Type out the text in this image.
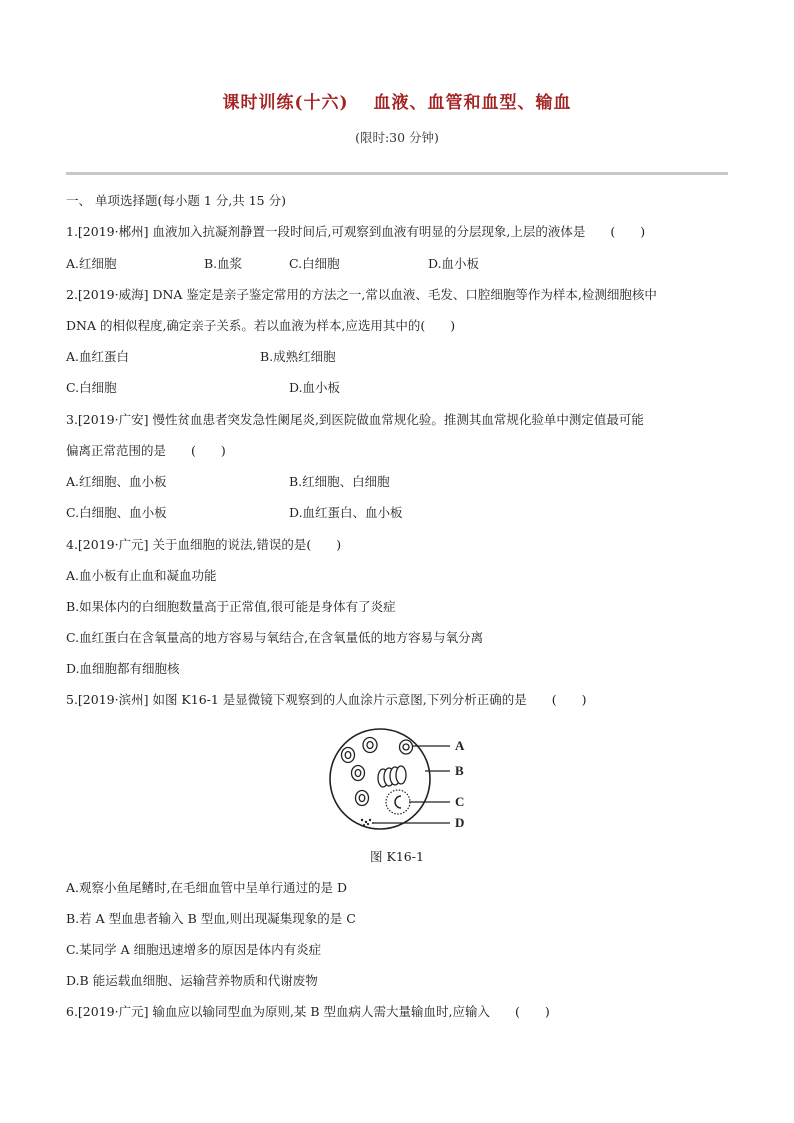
课时训练(十六)　 血液、血管和血型、输血
(限时:30 分钟)
一、 单项选择题(每小题 1 分,共 15 分)
1.[2019·郴州] 血液加入抗凝剂静置一段时间后,可观察到血液有明显的分层现象,上层的液体是　　(　　)
A.红细胞	B.血浆	C.白细胞	D.血小板
2.[2019·威海] DNA 鉴定是亲子鉴定常用的方法之一,常以血液、毛发、口腔细胞等作为样本,检测细胞核中
DNA 的相似程度,确定亲子关系。若以血液为样本,应选用其中的(　　)
A.血红蛋白	B.成熟红细胞
C.白细胞	D.血小板
3.[2019·广安] 慢性贫血患者突发急性阑尾炎,到医院做血常规化验。推测其血常规化验单中测定值最可能
偏离正常范围的是　　(　　)
A.红细胞、血小板	B.红细胞、白细胞
C.白细胞、血小板	D.血红蛋白、血小板
4.[2019·广元] 关于血细胞的说法,错误的是(　　)
A.血小板有止血和凝血功能
B.如果体内的白细胞数量高于正常值,很可能是身体有了炎症
C.血红蛋白在含氧量高的地方容易与氧结合,在含氧量低的地方容易与氧分离
D.血细胞都有细胞核
5.[2019·滨州] 如图 K16-1 是显微镜下观察到的人血涂片示意图,下列分析正确的是　　(　　)
A
B
C
D
图 K16-1
A.观察小鱼尾鳍时,在毛细血管中呈单行通过的是 D
B.若 A 型血患者输入 B 型血,则出现凝集现象的是 C
C.某同学 A 细胞迅速增多的原因是体内有炎症
D.B 能运载血细胞、运输营养物质和代谢废物
6.[2019·广元] 输血应以输同型血为原则,某 B 型血病人需大量输血时,应输入　　(　　)
